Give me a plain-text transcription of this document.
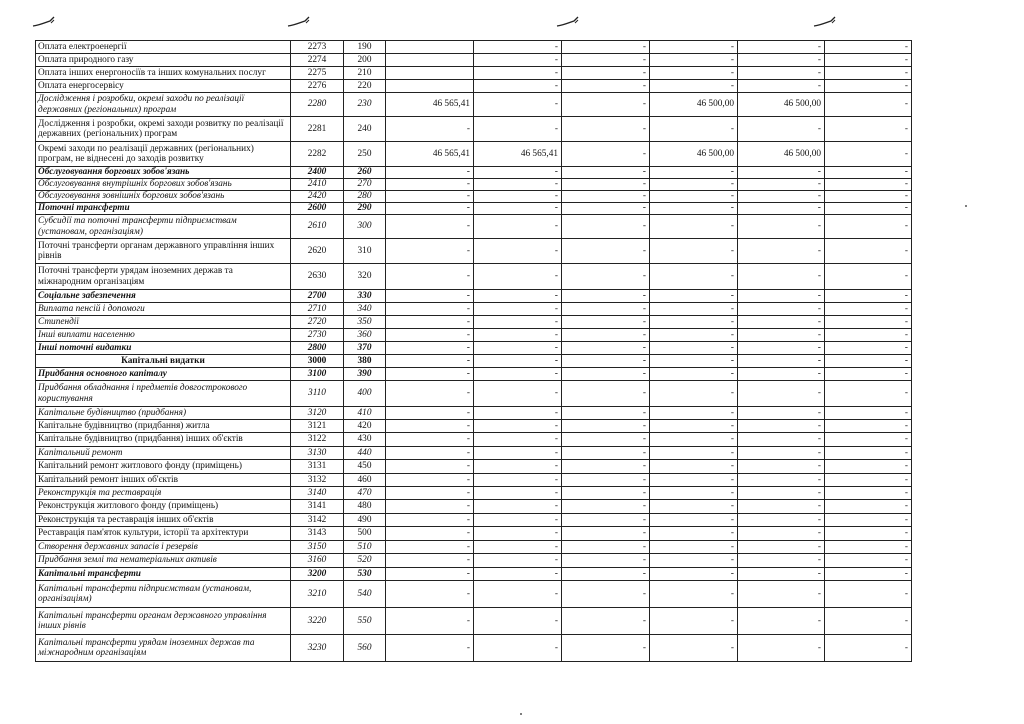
Оплата електроенергії	2273	190		-	-	-	-	-	
Оплата природного газу	2274	200		-	-	-	-	-	
Оплата інших енергоносіїв та інших комунальних послуг	2275	210		-	-	-	-	-	
Оплата енергосервісу	2276	220		-	-	-	-	-	
Дослідження і розробки, окремі заходи по реалізації державних (регіональних) програм	2280	230	46 565,41	-	-	46 500,00	46 500,00	-	
Дослідження і розробки, окремі заходи розвитку по реалізації державних (регіональних) програм	2281	240	-	-	-	-	-	-	
Окремі заходи по реалізації державних (регіональних) програм, не віднесені до заходів розвитку	2282	250	46 565,41	46 565,41	-	46 500,00	46 500,00	-	
Обслуговування боргових зобов'язань	2400	260	-	-	-	-	-	-	
Обслуговування внутрішніх боргових зобов'язань	2410	270	-	-	-	-	-	-	
Обслуговування зовнішніх боргових зобов'язань	2420	280	-	-	-	-	-	-	
Поточні трансферти	2600	290	-	-	-	-	-	-	
Субсидії та поточні трансферти підприємствам (установам, організаціям)	2610	300	-	-	-	-	-	-	
Поточні трансферти органам державного управління інших рівнів	2620	310	-	-	-	-	-	-	
Поточні трансферти урядам іноземних держав та міжнародним організаціям	2630	320	-	-	-	-	-	-	
Соціальне забезпечення	2700	330	-	-	-	-	-	-	
Виплата пенсій і допомоги	2710	340	-	-	-	-	-	-	
Стипендії	2720	350	-	-	-	-	-	-	
Інші виплати населенню	2730	360	-	-	-	-	-	-	
Інші поточні видатки	2800	370	-	-	-	-	-	-	
Капітальні видатки	3000	380	-	-	-	-	-	-	
Придбання основного капіталу	3100	390	-	-	-	-	-	-	
Придбання обладнання і предметів довгострокового користування	3110	400	-	-	-	-	-	-	
Капітальне будівництво (придбання)	3120	410	-	-	-	-	-	-	
Капітальне будівництво (придбання) житла	3121	420	-	-	-	-	-	-	
Капітальне будівництво (придбання) інших об'єктів	3122	430	-	-	-	-	-	-	
Капітальний ремонт	3130	440	-	-	-	-	-	-	
Капітальний ремонт житлового фонду (приміщень)	3131	450	-	-	-	-	-	-	
Капітальний ремонт інших об'єктів	3132	460	-	-	-	-	-	-	
Реконструкція та реставрація	3140	470	-	-	-	-	-	-	
Реконструкція житлового фонду (приміщень)	3141	480	-	-	-	-	-	-	
Реконструкція та реставрація інших об'єктів	3142	490	-	-	-	-	-	-	
Реставрація пам'яток культури, історії та архітектури	3143	500	-	-	-	-	-	-	
Створення державних запасів і резервів	3150	510	-	-	-	-	-	-	
Придбання землі та нематеріальних активів	3160	520	-	-	-	-	-	-	
Капітальні трансферти	3200	530	-	-	-	-	-	-	
Капітальні трансферти підприємствам (установам, організаціям)	3210	540	-	-	-	-	-	-	
Капітальні трансферти органам державного управління інших рівнів	3220	550	-	-	-	-	-	-	
Капітальні трансферти урядам іноземних держав та міжнародним організаціям	3230	560	-	-	-	-	-	-	
